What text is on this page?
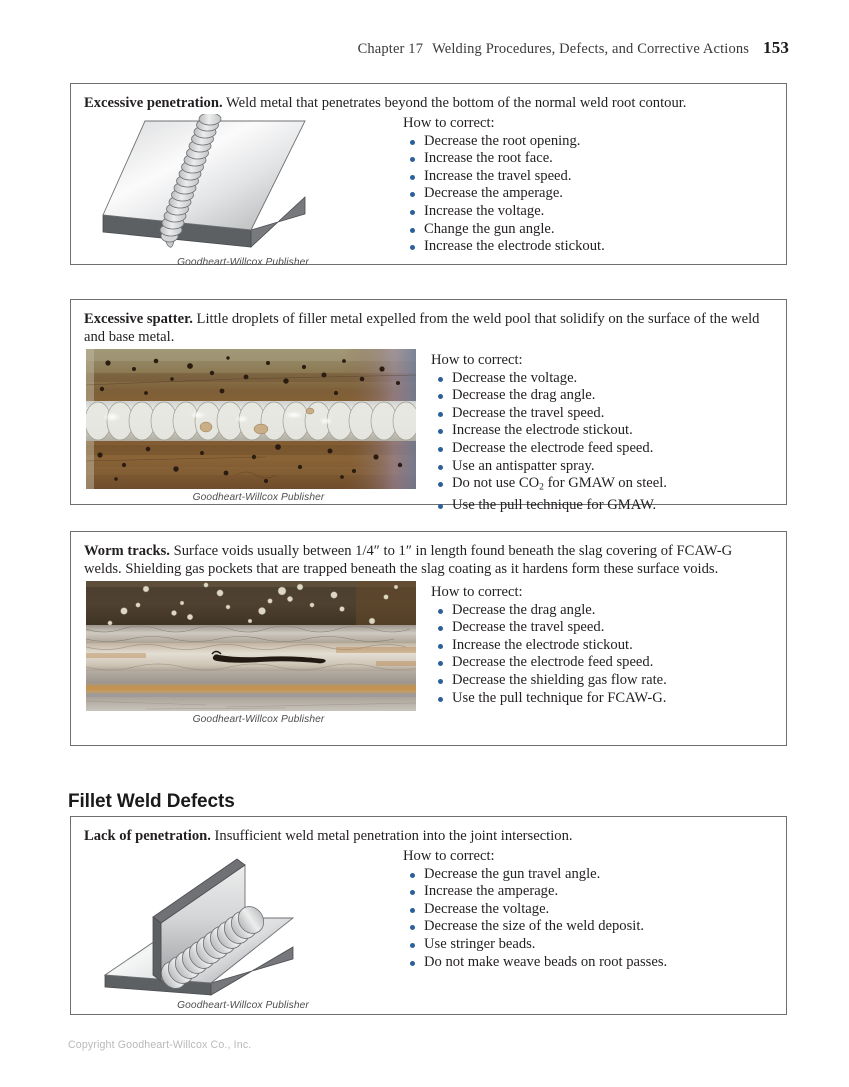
Chapter 17 Welding Procedures, Defects, and Corrective Actions 153
Excessive penetration. Weld metal that penetrates beyond the bottom of the normal weld root contour.
Goodheart-Willcox Publisher
How to correct:
Decrease the root opening.
Increase the root face.
Increase the travel speed.
Decrease the amperage.
Increase the voltage.
Change the gun angle.
Increase the electrode stickout.
Excessive spatter. Little droplets of filler metal expelled from the weld pool that solidify on the surface of the weld and base metal.
Goodheart-Willcox Publisher
How to correct:
Decrease the voltage.
Decrease the drag angle.
Decrease the travel speed.
Increase the electrode stickout.
Decrease the electrode feed speed.
Use an antispatter spray.
Do not use $CO_2$ for GMAW on steel.
Use the pull technique for GMAW.
Worm tracks. Surface voids usually between 1/4″ to 1″ in length found beneath the slag covering of FCAW-G welds. Shielding gas pockets that are trapped beneath the slag coating as it hardens form these surface voids.
Goodheart-Willcox Publisher
How to correct:
Decrease the drag angle.
Decrease the travel speed.
Increase the electrode stickout.
Decrease the electrode feed speed.
Decrease the shielding gas flow rate.
Use the pull technique for FCAW-G.
Fillet Weld Defects
Lack of penetration. Insufficient weld metal penetration into the joint intersection.
Goodheart-Willcox Publisher
How to correct:
Decrease the gun travel angle.
Increase the amperage.
Decrease the voltage.
Decrease the size of the weld deposit.
Use stringer beads.
Do not make weave beads on root passes.
Copyright Goodheart-Willcox Co., Inc.
